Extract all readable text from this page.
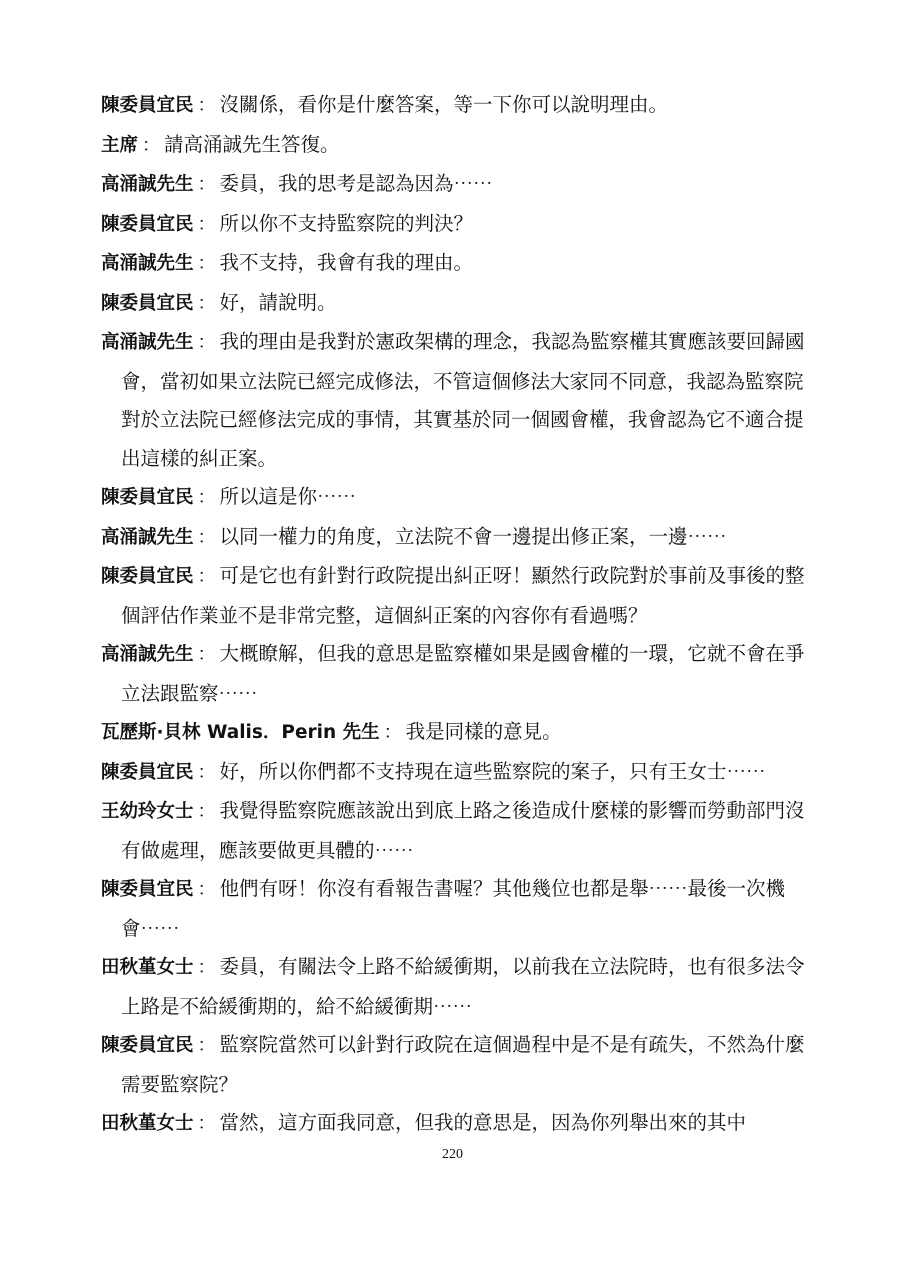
陳委員宜民 ： 沒關係，看你是什麼答案，等一下你可以說明理由。

主席 ： 請高涌誠先生答復。

高涌誠先生 ： 委員，我的思考是認為因為⋯⋯

陳委員宜民 ： 所以你不支持監察院的判決？

高涌誠先生 ： 我不支持，我會有我的理由。

陳委員宜民 ： 好，請說明。

高涌誠先生 ： 我的理由是我對於憲政架構的理念，我認為監察權其實應該要回歸國會，當初如果立法院已經完成修法，不管這個修法大家同不同意，我認為監察院對於立法院已經修法完成的事情，其實基於同一個國會權，我會認為它不適合提出這樣的糾正案。

陳委員宜民 ： 所以這是你⋯⋯

高涌誠先生 ： 以同一權力的角度，立法院不會一邊提出修正案，一邊⋯⋯

陳委員宜民 ： 可是它也有針對行政院提出糾正呀！顯然行政院對於事前及事後的整個評估作業並不是非常完整，這個糾正案的內容你有看過嗎？

高涌誠先生 ： 大概瞭解，但我的意思是監察權如果是國會權的一環，它就不會在爭立法跟監察⋯⋯

瓦歷斯·貝林 Walis．Perin 先生 ： 我是同樣的意見。

陳委員宜民 ： 好，所以你們都不支持現在這些監察院的案子，只有王女士⋯⋯

王幼玲女士 ： 我覺得監察院應該說出到底上路之後造成什麼樣的影響而勞動部門沒有做處理，應該要做更具體的⋯⋯

陳委員宜民 ： 他們有呀！你沒有看報告書喔？其他幾位也都是舉⋯⋯最後一次機會⋯⋯

田秋堇女士 ： 委員，有關法令上路不給緩衝期，以前我在立法院時，也有很多法令上路是不給緩衝期的，給不給緩衝期⋯⋯

陳委員宜民 ： 監察院當然可以針對行政院在這個過程中是不是有疏失，不然為什麼需要監察院？

田秋堇女士 ： 當然，這方面我同意，但我的意思是，因為你列舉出來的其中

220
